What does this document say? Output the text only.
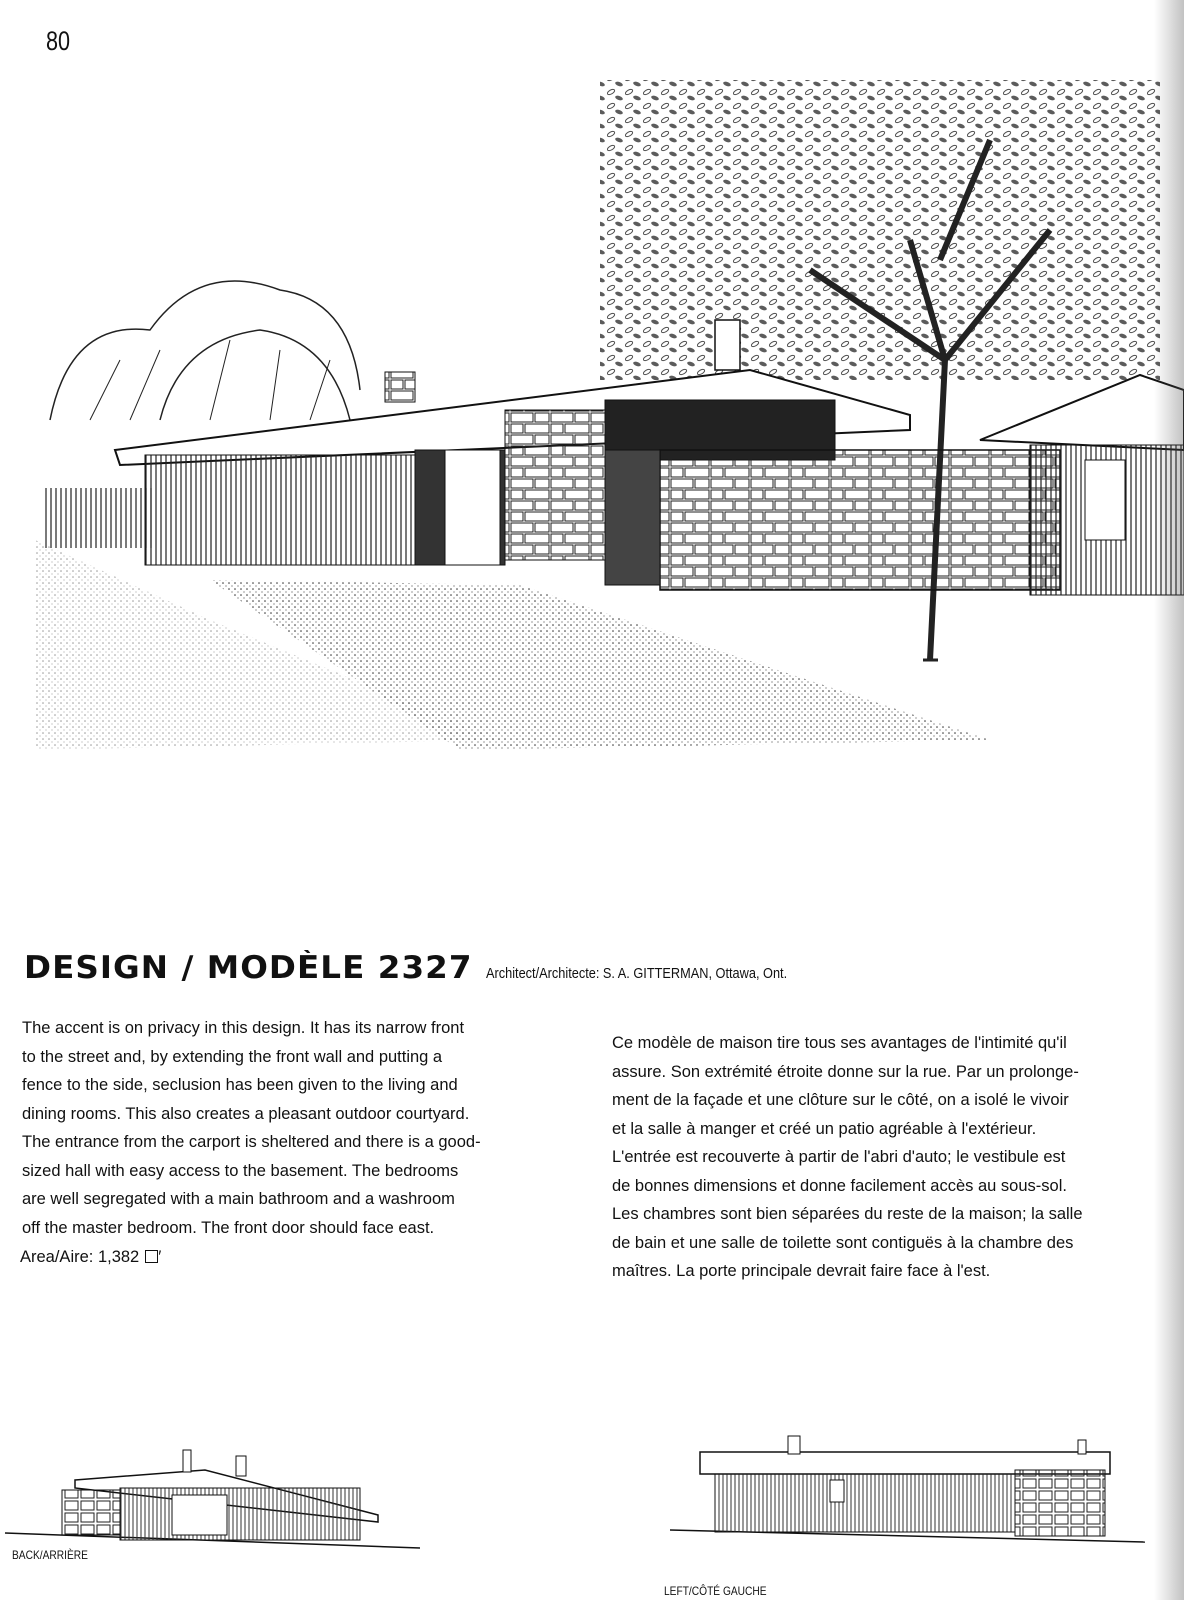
80
DESIGN / MODÈLE 2327 Architect/Architecte: S. A. GITTERMAN, Ottawa, Ont.

The accent is on privacy in this design. It has its narrow front

to the street and, by extending the front wall and putting a

fence to the side, seclusion has been given to the living and

dining rooms. This also creates a pleasant outdoor courtyard.

The entrance from the carport is sheltered and there is a good-

sized hall with easy access to the basement. The bedrooms

are well segregated with a main bathroom and a washroom

off the master bedroom. The front door should face east.

Area/Aire: 1,382 ′

Ce modèle de maison tire tous ses avantages de l'intimité qu'il

assure. Son extrémité étroite donne sur la rue. Par un prolonge-

ment de la façade et une clôture sur le côté, on a isolé le vivoir

et la salle à manger et créé un patio agréable à l'extérieur.

L'entrée est recouverte à partir de l'abri d'auto; le vestibule est

de bonnes dimensions et donne facilement accès au sous-sol.

Les chambres sont bien séparées du reste de la maison; la salle

de bain et une salle de toilette sont contiguës à la chambre des

maîtres. La porte principale devrait faire face à l'est.

BACK/ARRIÈRE
LEFT/CÔTÉ GAUCHE
